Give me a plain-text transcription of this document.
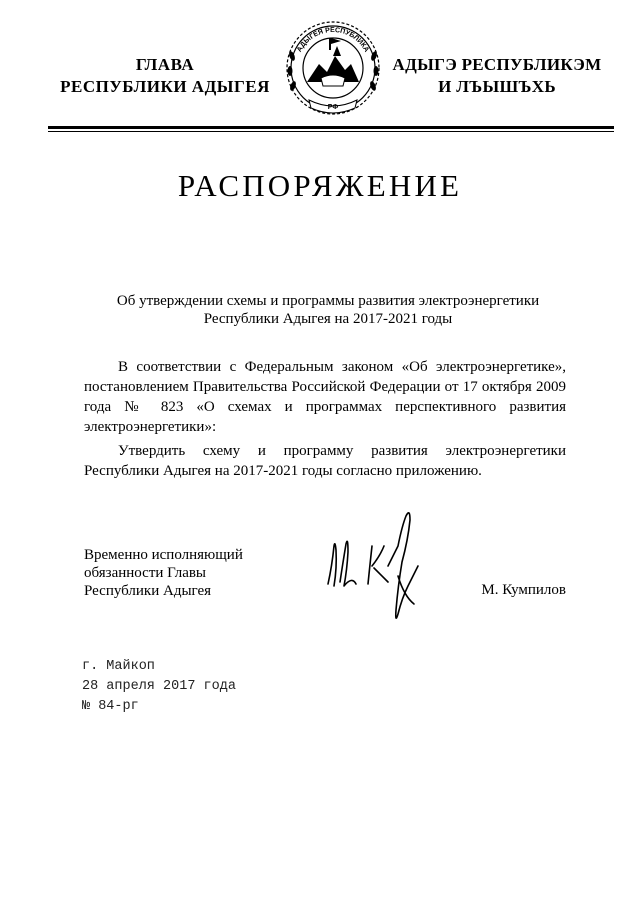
ГЛАВА
РЕСПУБЛИКИ АДЫГЕЯ
АДЫГЕЯ РЕСПУБЛИКА
РФ
АДЫГЭ РЕСПУБЛИКЭМ
И ЛЪЫШЪХЬ
РАСПОРЯЖЕНИЕ
Об утверждении схемы и программы развития электроэнергетики
Республики Адыгея на 2017-2021 годы
В соответствии с Федеральным законом «Об электроэнергетике», постановлением Правительства Российской Федерации от 17 октября 2009 года № 823 «О схемах и программах перспективного развития электроэнергетики»:
Утвердить схему и программу развития электроэнергетики Республики Адыгея на 2017-2021 годы согласно приложению.
Временно исполняющий
обязанности Главы
Республики Адыгея	М. Кумпилов
г. Майкоп
28 апреля 2017 года
№ 84-рг
